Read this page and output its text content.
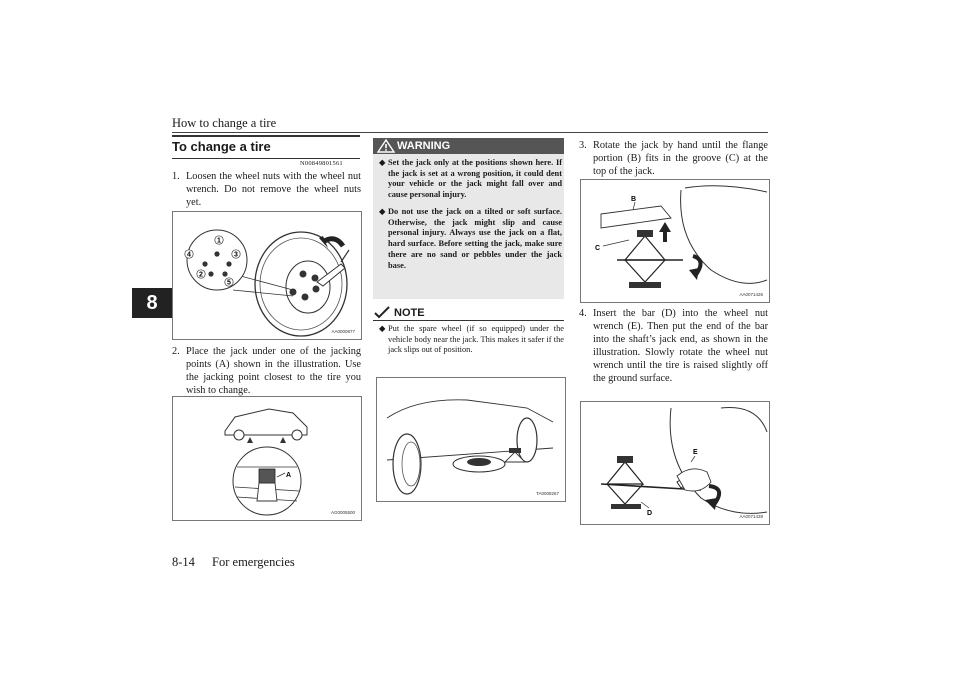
How to change a tire
8
To change a tire
N00849801561
1. Loosen the wheel nuts with the wheel nut wrench. Do not remove the wheel nuts yet.
1
2
3
4
5
AA0000877
2. Place the jack under one of the jacking points (A) shown in the illustration. Use the jacking point closest to the tire you wish to change.
A
AG0005500
WARNING
◆ Set the jack only at the positions shown here. If the jack is set at a wrong position, it could dent your vehicle or the jack might fall over and cause personal injury.
◆ Do not use the jack on a tilted or soft surface. Otherwise, the jack might slip and cause personal injury. Always use the jack on a flat, hard surface. Before setting the jack, make sure there are no sand or pebbles under the jack base.
NOTE
◆ Put the spare wheel (if so equipped) under the vehicle body near the jack. This makes it safer if the jack slips out of position.
TA0008267
3. Rotate the jack by hand until the flange portion (B) fits in the groove (C) at the top of the jack.
B
C
AA0071426
4. Insert the bar (D) into the wheel nut wrench (E). Then put the end of the bar into the shaft’s jack end, as shown in the illustration. Slowly rotate the wheel nut wrench until the tire is raised slightly off the ground surface.
D
E
AA0071439
8-14 For emergencies
